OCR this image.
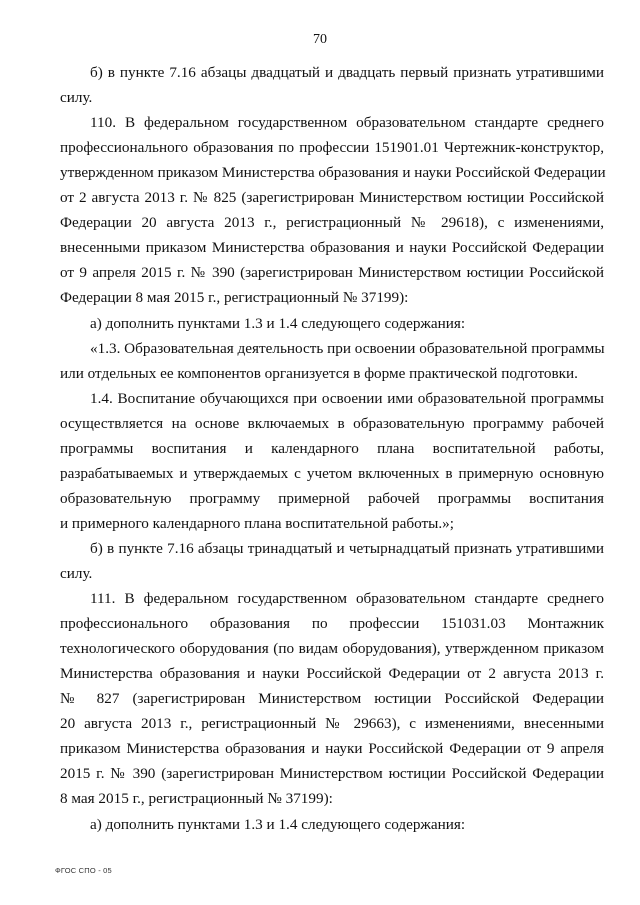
70
б) в пункте 7.16 абзацы двадцатый и двадцать первый признать утратившими
силу.
110. В федеральном государственном образовательном стандарте среднего
профессионального образования по профессии 151901.01 Чертежник-конструктор,
утвержденном приказом Министерства образования и науки Российской Федерации
от 2 августа 2013 г. № 825 (зарегистрирован Министерством юстиции Российской
Федерации 20 августа 2013 г., регистрационный № 29618), с изменениями,
внесенными приказом Министерства образования и науки Российской Федерации
от 9 апреля 2015 г. № 390 (зарегистрирован Министерством юстиции Российской
Федерации 8 мая 2015 г., регистрационный № 37199):
а) дополнить пунктами 1.3 и 1.4 следующего содержания:
«1.3. Образовательная деятельность при освоении образовательной программы
или отдельных ее компонентов организуется в форме практической подготовки.
1.4. Воспитание обучающихся при освоении ими образовательной программы
осуществляется на основе включаемых в образовательную программу рабочей
программы воспитания и календарного плана воспитательной работы,
разрабатываемых и утверждаемых с учетом включенных в примерную основную
образовательную программу примерной рабочей программы воспитания
и примерного календарного плана воспитательной работы.»;
б) в пункте 7.16 абзацы тринадцатый и четырнадцатый признать утратившими
силу.
111. В федеральном государственном образовательном стандарте среднего
профессионального образования по профессии 151031.03 Монтажник
технологического оборудования (по видам оборудования), утвержденном приказом
Министерства образования и науки Российской Федерации от 2 августа 2013 г.
№ 827 (зарегистрирован Министерством юстиции Российской Федерации
20 августа 2013 г., регистрационный № 29663), с изменениями, внесенными
приказом Министерства образования и науки Российской Федерации от 9 апреля
2015 г. № 390 (зарегистрирован Министерством юстиции Российской Федерации
8 мая 2015 г., регистрационный № 37199):
а) дополнить пунктами 1.3 и 1.4 следующего содержания:
ФГОС СПО - 05
